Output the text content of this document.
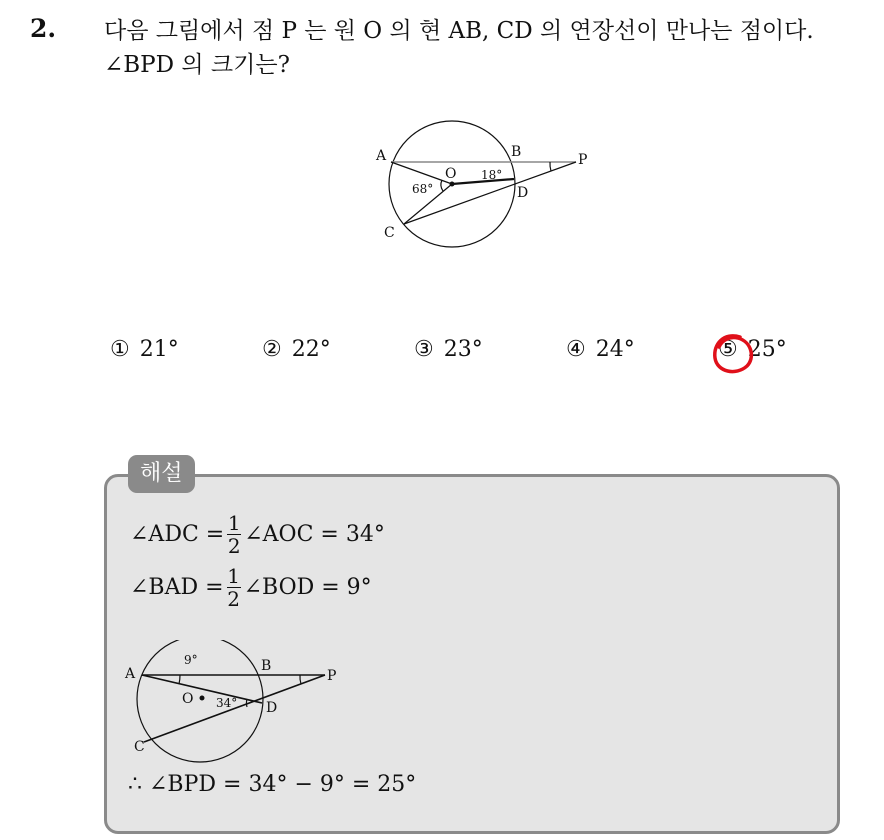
2. 다음 그림에서 점 P 는 원 O 의 현 AB, CD 의 연장선이 만나는 점이다. ∠BPD 의 크기는?
A	B
O
P
D
C
68°
18°
① 21°	② 22°	③ 23°	④ 24°	⑤ 25°
해설
∠ADC = $\frac{1}{2}$ ∠AOC = 34°
∠BAD = $\frac{1}{2}$ ∠BOD = 9°
A	B
O
P
D
C
9°
34°
∴ ∠BPD = 34° − 9° = 25°
